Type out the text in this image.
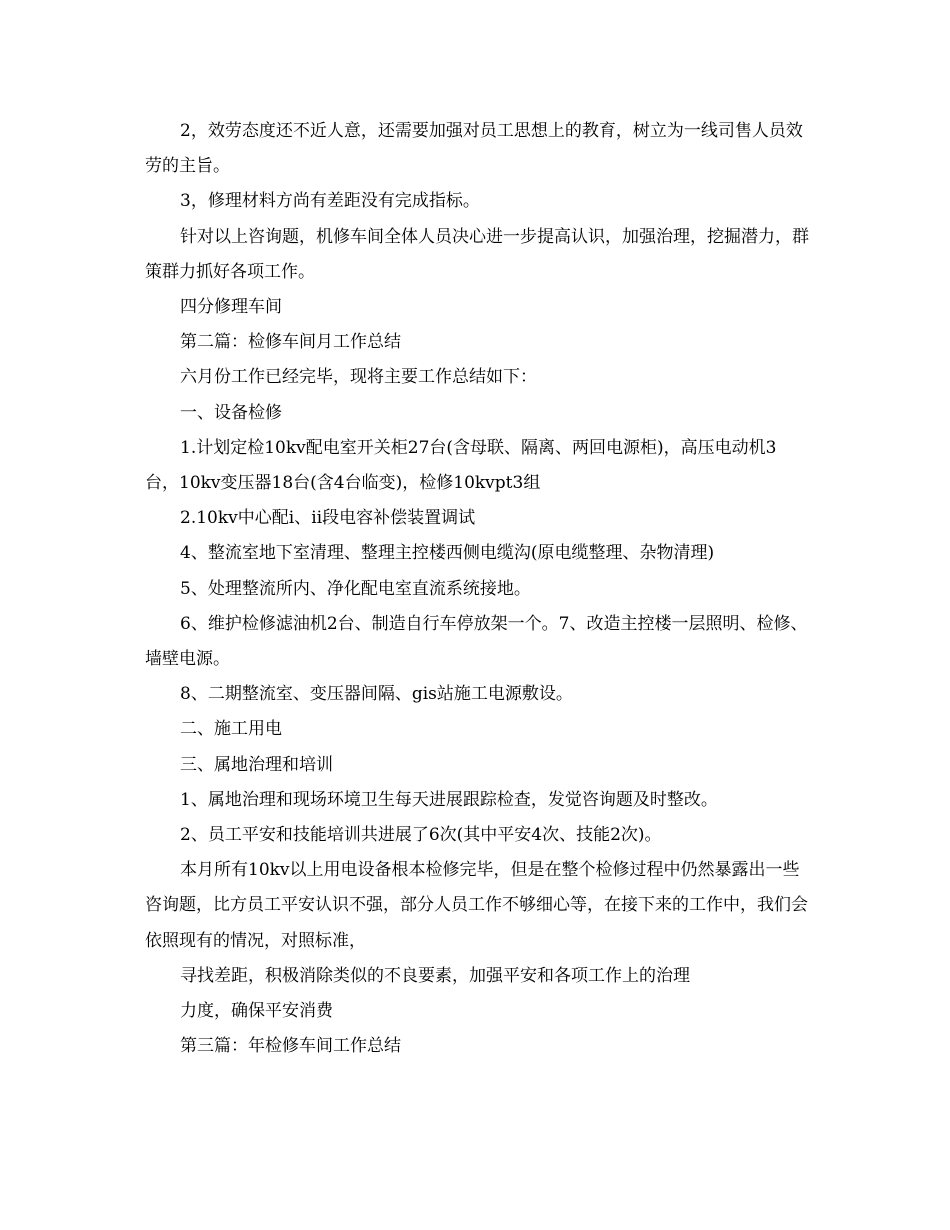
2，效劳态度还不近人意，还需要加强对员工思想上的教育，树立为一线司售人员效劳的主旨。

3，修理材料方尚有差距没有完成指标。

针对以上咨询题，机修车间全体人员决心进一步提高认识，加强治理，挖掘潜力，群策群力抓好各项工作。

四分修理车间

第二篇：检修车间月工作总结

六月份工作已经完毕，现将主要工作总结如下：

一、设备检修

1.计划定检10kv配电室开关柜27台(含母联、隔离、两回电源柜)，高压电动机3台，10kv变压器18台(含4台临变)，检修10kvpt3组

2.10kv中心配ⅰ、ⅱ段电容补偿装置调试

4、整流室地下室清理、整理主控楼西侧电缆沟(原电缆整理、杂物清理)

5、处理整流所内、净化配电室直流系统接地。

6、维护检修滤油机2台、制造自行车停放架一个。7、改造主控楼一层照明、检修、墙壁电源。

8、二期整流室、变压器间隔、gis站施工电源敷设。

二、施工用电

三、属地治理和培训

1、属地治理和现场环境卫生每天进展跟踪检查，发觉咨询题及时整改。

2、员工平安和技能培训共进展了6次(其中平安4次、技能2次)。

本月所有10kv以上用电设备根本检修完毕，但是在整个检修过程中仍然暴露出一些咨询题，比方员工平安认识不强，部分人员工作不够细心等，在接下来的工作中，我们会依照现有的情况，对照标准，

寻找差距，积极消除类似的不良要素，加强平安和各项工作上的治理

力度，确保平安消费

第三篇：年检修车间工作总结
